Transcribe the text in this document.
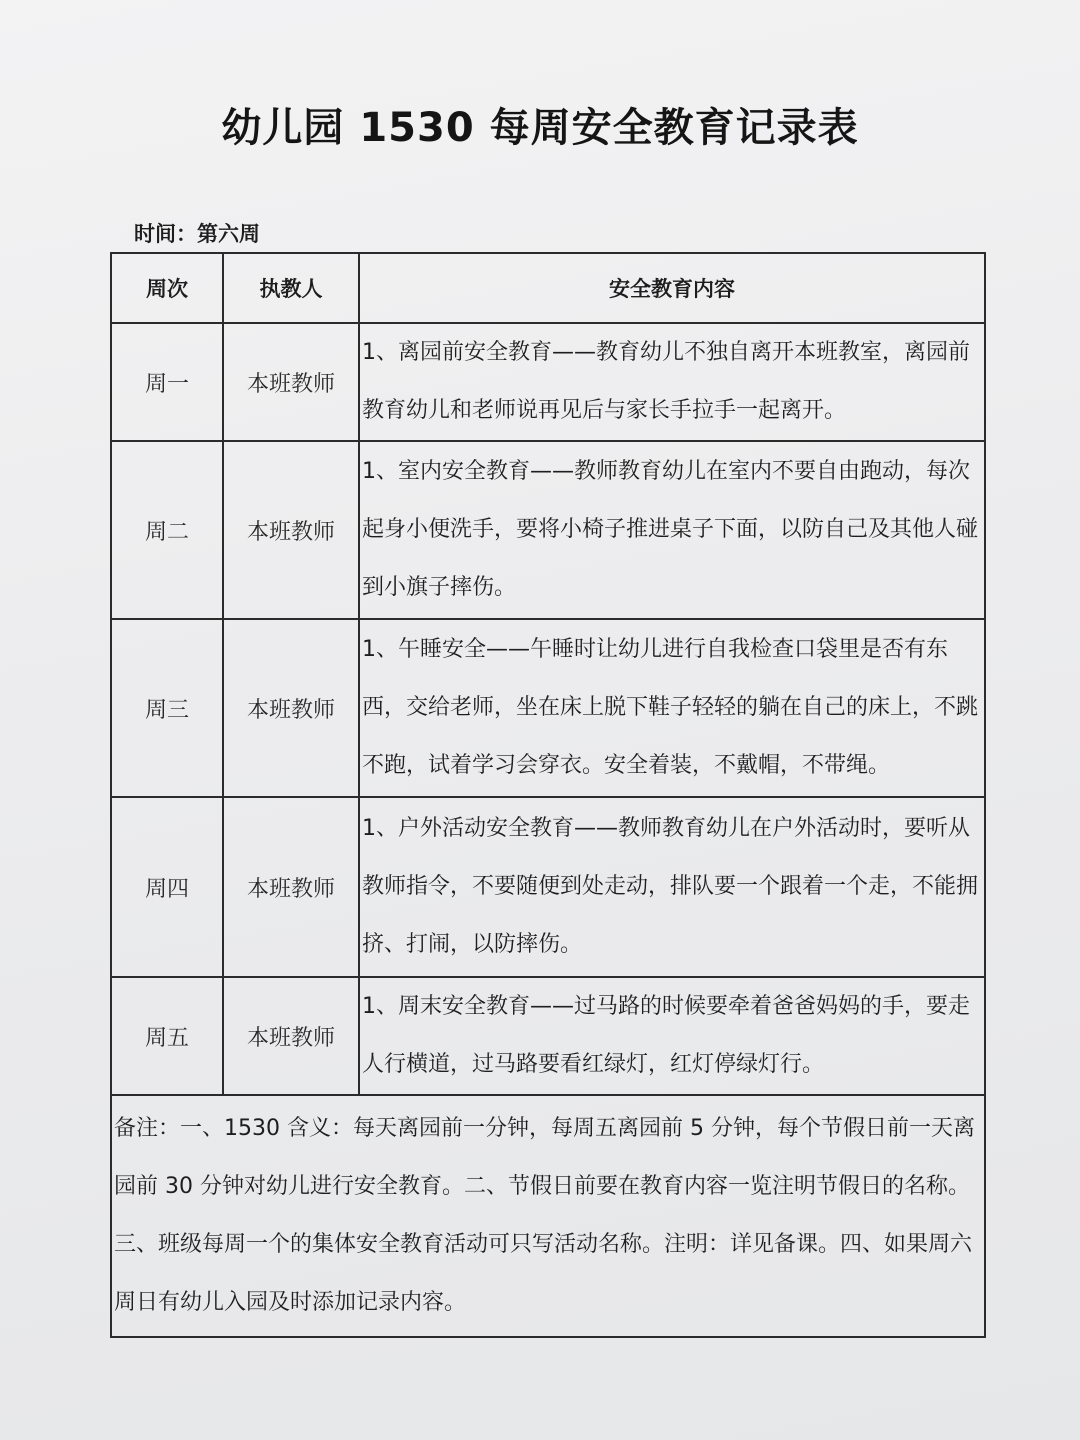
幼儿园 1530 每周安全教育记录表
时间：第六周
周次	执教人	安全教育内容
周一	本班教师	1、离园前安全教育——教育幼儿不独自离开本班教室，离园前教育幼儿和老师说再见后与家长手拉手一起离开。
周二	本班教师	1、室内安全教育——教师教育幼儿在室内不要自由跑动，每次起身小便洗手，要将小椅子推进桌子下面，以防自己及其他人碰到小旗子摔伤。
周三	本班教师	1、午睡安全——午睡时让幼儿进行自我检查口袋里是否有东西，交给老师，坐在床上脱下鞋子轻轻的躺在自己的床上，不跳不跑，试着学习会穿衣。安全着装，不戴帽，不带绳。
周四	本班教师	1、户外活动安全教育——教师教育幼儿在户外活动时，要听从教师指令，不要随便到处走动，排队要一个跟着一个走，不能拥挤、打闹，以防摔伤。
周五	本班教师	1、周末安全教育——过马路的时候要牵着爸爸妈妈的手，要走人行横道，过马路要看红绿灯，红灯停绿灯行。
备注：一、1530 含义：每天离园前一分钟，每周五离园前 5 分钟，每个节假日前一天离园前 30 分钟对幼儿进行安全教育。二、节假日前要在教育内容一览注明节假日的名称。三、班级每周一个的集体安全教育活动可只写活动名称。注明：详见备课。四、如果周六周日有幼儿入园及时添加记录内容。		
